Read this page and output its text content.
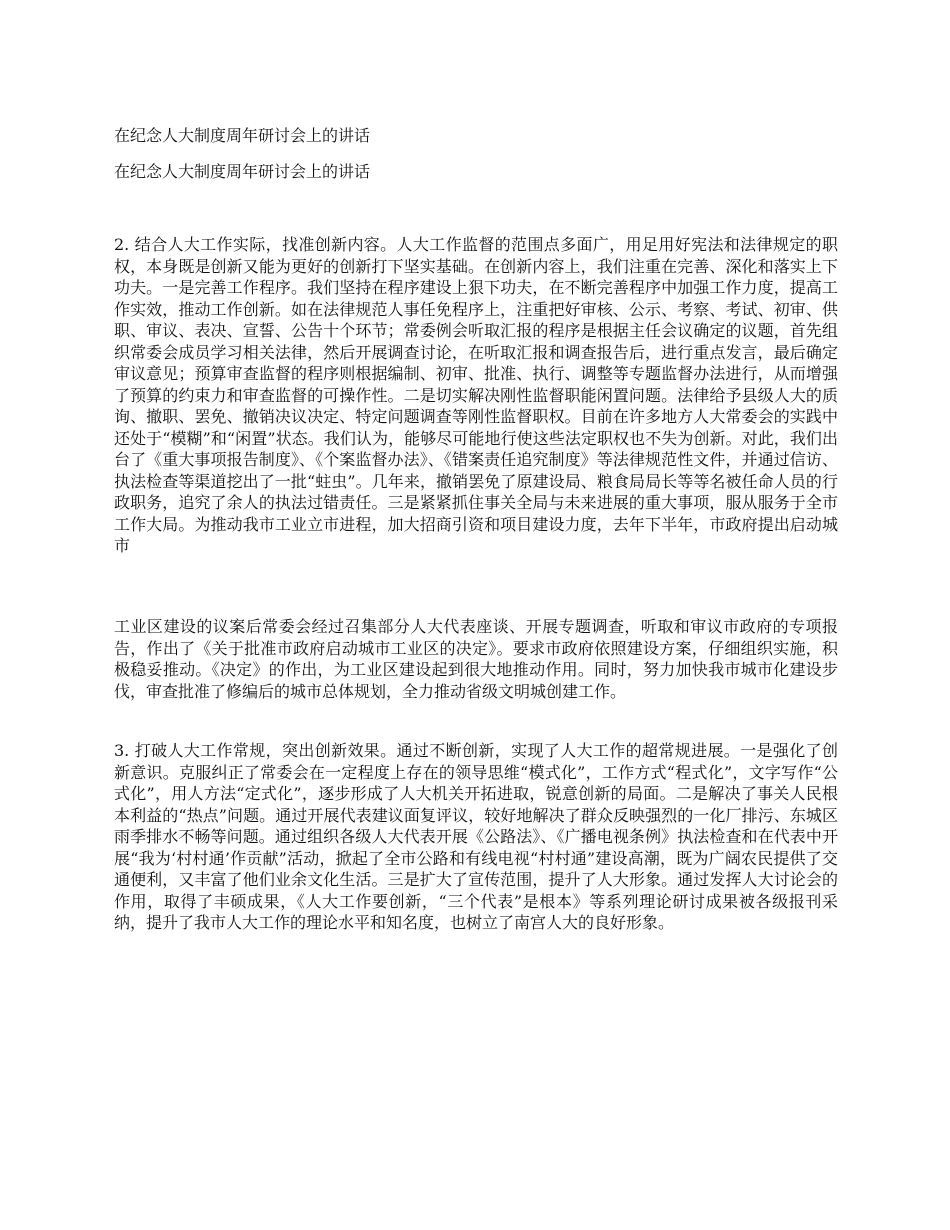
在纪念人大制度周年研讨会上的讲话
在纪念人大制度周年研讨会上的讲话

2. 结合人大工作实际，找准创新内容。人大工作监督的范围点多面广，用足用好宪法和法律规定的职权，本身既是创新又能为更好的创新打下坚实基础。在创新内容上，我们注重在完善、深化和落实上下功夫。一是完善工作程序。我们坚持在程序建设上狠下功夫，在不断完善程序中加强工作力度，提高工作实效，推动工作创新。如在法律规范人事任免程序上，注重把好审核、公示、考察、考试、初审、供职、审议、表决、宣誓、公告十个环节；常委例会听取汇报的程序是根据主任会议确定的议题，首先组织常委会成员学习相关法律，然后开展调查讨论，在听取汇报和调查报告后，进行重点发言，最后确定审议意见；预算审查监督的程序则根据编制、初审、批准、执行、调整等专题监督办法进行，从而增强了预算的约束力和审查监督的可操作性。二是切实解决刚性监督职能闲置问题。法律给予县级人大的质询、撤职、罢免、撤销决议决定、特定问题调查等刚性监督职权。目前在许多地方人大常委会的实践中还处于“模糊”和“闲置”状态。我们认为，能够尽可能地行使这些法定职权也不失为创新。对此，我们出台了《重大事项报告制度》、《个案监督办法》、《错案责任追究制度》等法律规范性文件，并通过信访、执法检查等渠道挖出了一批“蛀虫”。几年来，撤销罢免了原建设局、粮食局局长等等名被任命人员的行政职务，追究了余人的执法过错责任。三是紧紧抓住事关全局与未来进展的重大事项，服从服务于全市工作大局。为推动我市工业立市进程，加大招商引资和项目建设力度，去年下半年，市政府提出启动城市

工业区建设的议案后常委会经过召集部分人大代表座谈、开展专题调查，听取和审议市政府的专项报告，作出了《关于批准市政府启动城市工业区的决定》。要求市政府依照建设方案，仔细组织实施，积极稳妥推动。《决定》的作出，为工业区建设起到很大地推动作用。同时，努力加快我市城市化建设步伐，审查批准了修编后的城市总体规划，全力推动省级文明城创建工作。

3. 打破人大工作常规，突出创新效果。通过不断创新，实现了人大工作的超常规进展。一是强化了创新意识。克服纠正了常委会在一定程度上存在的领导思维“模式化”，工作方式“程式化”，文字写作“公式化”，用人方法“定式化”，逐步形成了人大机关开拓进取，锐意创新的局面。二是解决了事关人民根本利益的“热点”问题。通过开展代表建议面复评议，较好地解决了群众反映强烈的一化厂排污、东城区雨季排水不畅等问题。通过组织各级人大代表开展《公路法》、《广播电视条例》执法检查和在代表中开展“我为‘村村通’作贡献”活动，掀起了全市公路和有线电视“村村通”建设高潮，既为广阔农民提供了交通便利，又丰富了他们业余文化生活。三是扩大了宣传范围，提升了人大形象。通过发挥人大讨论会的作用，取得了丰硕成果，《人大工作要创新，“三个代表”是根本》等系列理论研讨成果被各级报刊采纳，提升了我市人大工作的理论水平和知名度，也树立了南宫人大的良好形象。
